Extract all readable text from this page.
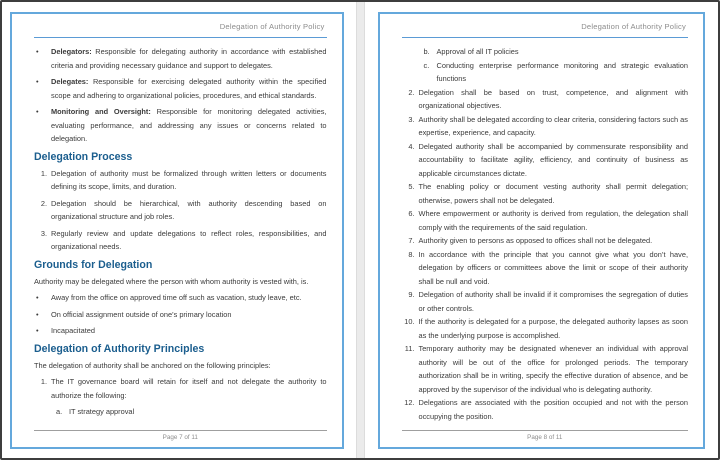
Delegation of Authority Policy
•	Delegators: Responsible for delegating authority in accordance with established criteria and providing necessary guidance and support to delegates.

•	Delegates: Responsible for exercising delegated authority within the specified scope and adhering to organizational policies, procedures, and ethical standards.

•	Monitoring and Oversight: Responsible for monitoring delegated activities, evaluating performance, and addressing any issues or concerns related to delegation.

Delegation Process
1. Delegation of authority must be formalized through written letters or documents defining its scope, limits, and duration.

2. Delegation should be hierarchical, with authority descending based on organizational structure and job roles.

3. Regularly review and update delegations to reflect roles, responsibilities, and organizational needs.

Grounds for Delegation

Authority may be delegated where the person with whom authority is vested with, is.

•	Away from the office on approved time off such as vacation, study leave, etc.

•	On official assignment outside of one’s primary location

•	Incapacitated

Delegation of Authority Principles

The delegation of authority shall be anchored on the following principles:

1. The IT governance board will retain for itself and not delegate the authority to authorize the following:

a. IT strategy approval

Page 7 of 11
Delegation of Authority Policy
b. Approval of all IT policies

c. Conducting enterprise performance monitoring and strategic evaluation functions

2. Delegation shall be based on trust, competence, and alignment with organizational objectives.

3. Authority shall be delegated according to clear criteria, considering factors such as expertise, experience, and capacity.

4. Delegated authority shall be accompanied by commensurate responsibility and accountability to facilitate agility, efficiency, and continuity of business as applicable circumstances dictate.

5. The enabling policy or document vesting authority shall permit delegation; otherwise, powers shall not be delegated.

6. Where empowerment or authority is derived from regulation, the delegation shall comply with the requirements of the said regulation.

7. Authority given to persons as opposed to offices shall not be delegated.

8. In accordance with the principle that you cannot give what you don’t have, delegation by officers or committees above the limit or scope of their authority shall be null and void.

9. Delegation of authority shall be invalid if it compromises the segregation of duties or other controls.

10. If the authority is delegated for a purpose, the delegated authority lapses as soon as the underlying purpose is accomplished.

11. Temporary authority may be designated whenever an individual with approval authority will be out of the office for prolonged periods. The temporary authorization shall be in writing, specify the effective duration of absence, and be approved by the supervisor of the individual who is delegating authority.

12. Delegations are associated with the position occupied and not with the person occupying the position.

Page 8 of 11
